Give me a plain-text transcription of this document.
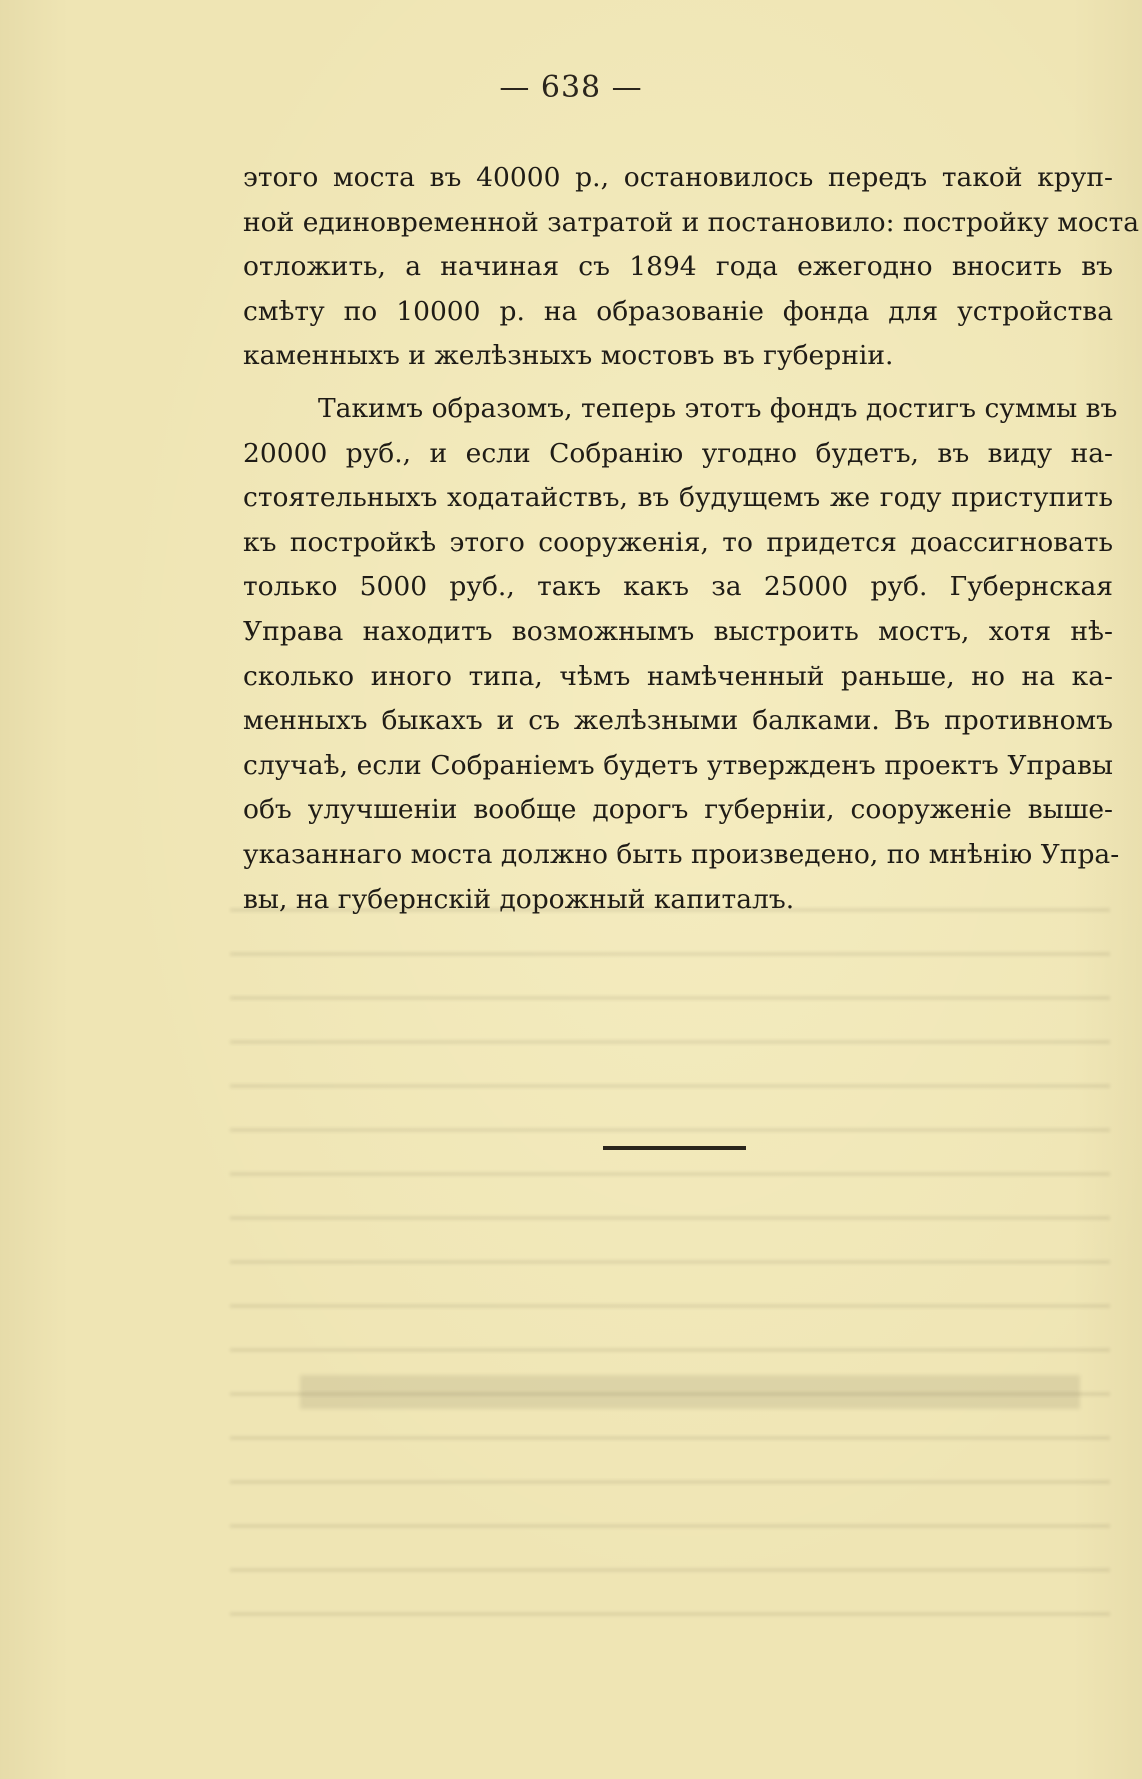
— 638 —
этого моста въ 40000 р., остановилось передъ такой круп-
ной единовременной затратой и постановило: постройку моста
отложить, а начиная съ 1894 года ежегодно вносить въ
смѣту по 10000 р. на образованіе фонда для устройства
каменныхъ и желѣзныхъ мостовъ въ губерніи.
Такимъ образомъ, теперь этотъ фондъ достигъ суммы въ
20000 руб., и если Собранію угодно будетъ, въ виду на-
стоятельныхъ ходатайствъ, въ будущемъ же году приступить
къ постройкѣ этого сооруженія, то придется доассигновать
только 5000 руб., такъ какъ за 25000 руб. Губернская
Управа находитъ возможнымъ выстроить мостъ, хотя нѣ-
сколько иного типа, чѣмъ намѣченный раньше, но на ка-
менныхъ быкахъ и съ желѣзными балками. Въ противномъ
случаѣ, если Собраніемъ будетъ утвержденъ проектъ Управы
объ улучшеніи вообще дорогъ губерніи, сооруженіе выше-
указаннаго моста должно быть произведено, по мнѣнію Упра-
вы, на губернскій дорожный капиталъ.
